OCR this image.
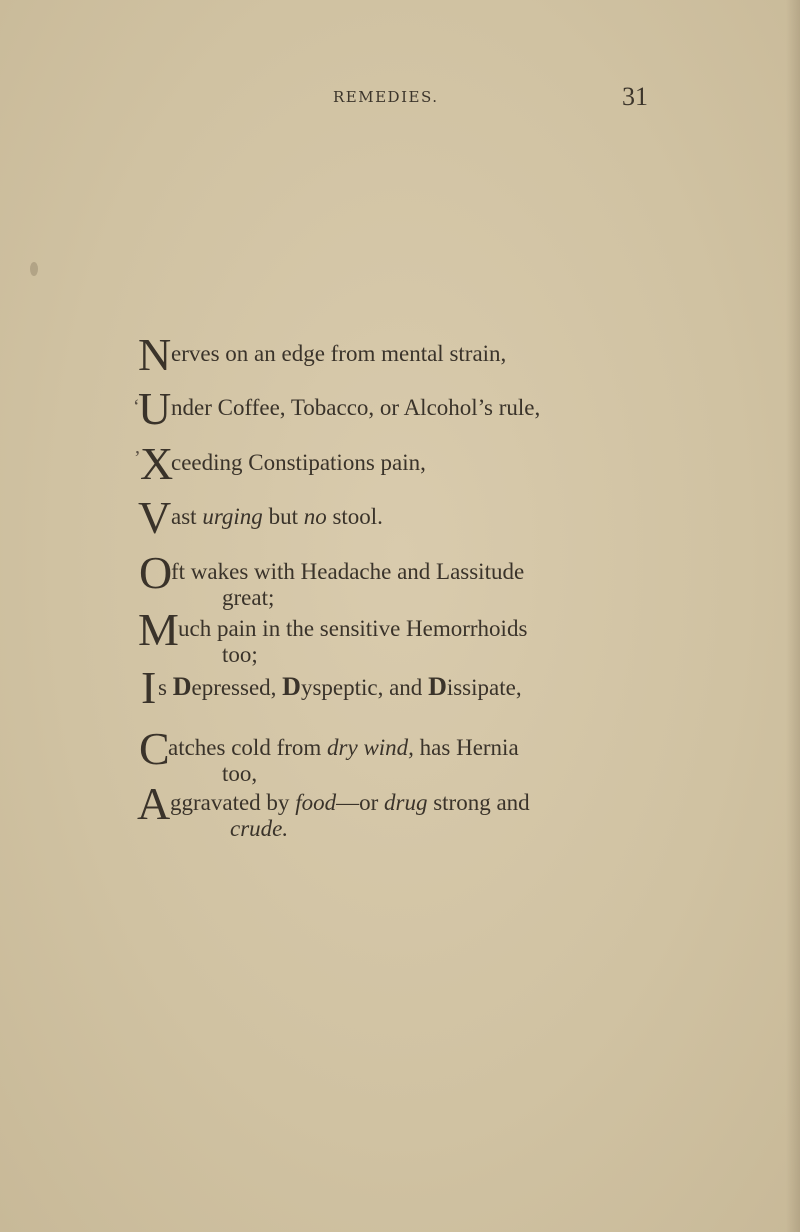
REMEDIES.	31
N erves on an edge from mental strain,
‘
U nder Coffee, Tobacco, or Alcohol’s rule,
’ X
ceeding Constipations pain,
V ast urging but no stool.
O
ft wakes with Headache and Lassitude
great;
M uch pain in the sensitive Hemorrhoids
too;
I s Depressed, Dyspeptic, and Dissipate,
C
atches cold from dry wind, has Hernia
too,
A ggravated by food—or drug strong and
crude.
